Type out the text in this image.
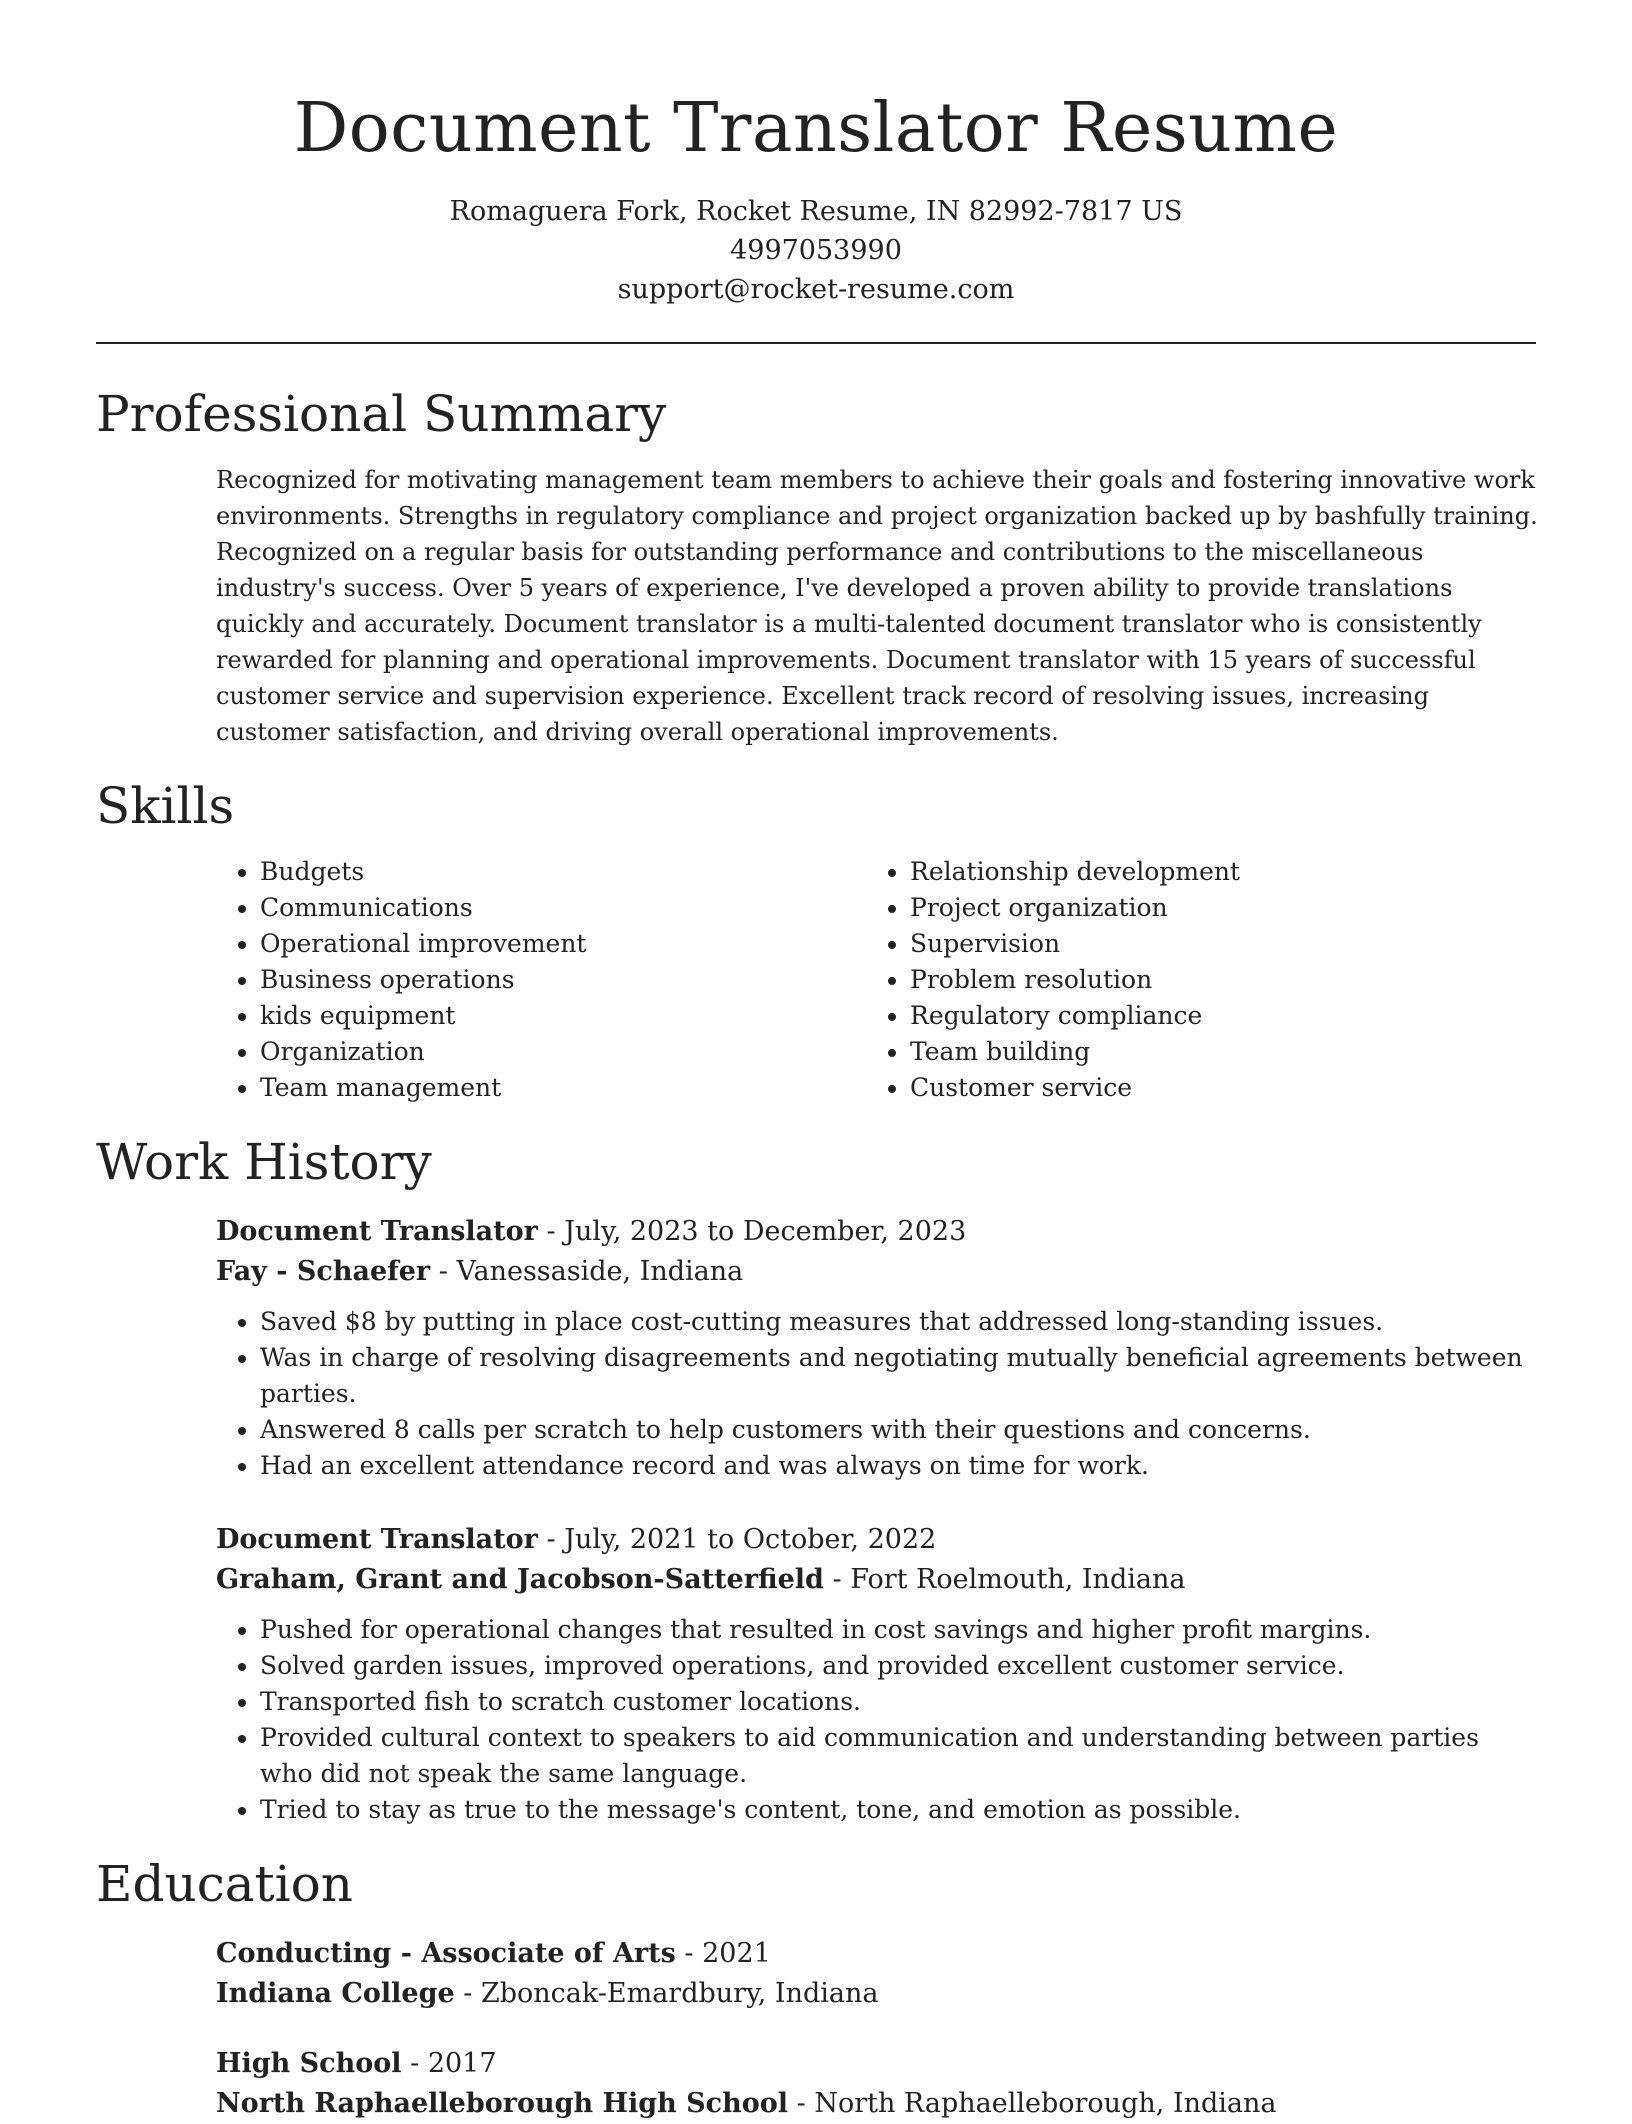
Document Translator Resume
Romaguera Fork, Rocket Resume, IN 82992-7817 US
4997053990
support@rocket-resume.com
Professional Summary

Recognized for motivating management team members to achieve their goals and fostering innovative work environments. Strengths in regulatory compliance and project organization backed up by bashfully training. Recognized on a regular basis for outstanding performance and contributions to the miscellaneous industry's success. Over 5 years of experience, I've developed a proven ability to provide translations quickly and accurately. Document translator is a multi-talented document translator who is consistently rewarded for planning and operational improvements. Document translator with 15 years of successful customer service and supervision experience. Excellent track record of resolving issues, increasing customer satisfaction, and driving overall operational improvements.

Skills
• Budgets
• Communications
• Operational improvement
• Business operations
• kids equipment
• Organization
• Team management
• Relationship development
• Project organization
• Supervision
• Problem resolution
• Regulatory compliance
• Team building
• Customer service
Work History
Document Translator - July, 2023 to December, 2023
Fay - Schaefer - Vanessaside, Indiana
• Saved $8 by putting in place cost-cutting measures that addressed long-standing issues.
• Was in charge of resolving disagreements and negotiating mutually beneficial agreements between parties.
• Answered 8 calls per scratch to help customers with their questions and concerns.
• Had an excellent attendance record and was always on time for work.
Document Translator - July, 2021 to October, 2022
Graham, Grant and Jacobson-Satterfield - Fort Roelmouth, Indiana
• Pushed for operational changes that resulted in cost savings and higher profit margins.
• Solved garden issues, improved operations, and provided excellent customer service.
• Transported fish to scratch customer locations.
• Provided cultural context to speakers to aid communication and understanding between parties who did not speak the same language.
• Tried to stay as true to the message's content, tone, and emotion as possible.
Education
Conducting - Associate of Arts - 2021
Indiana College - Zboncak-Emardbury, Indiana
High School - 2017
North Raphaelleborough High School - North Raphaelleborough, Indiana
